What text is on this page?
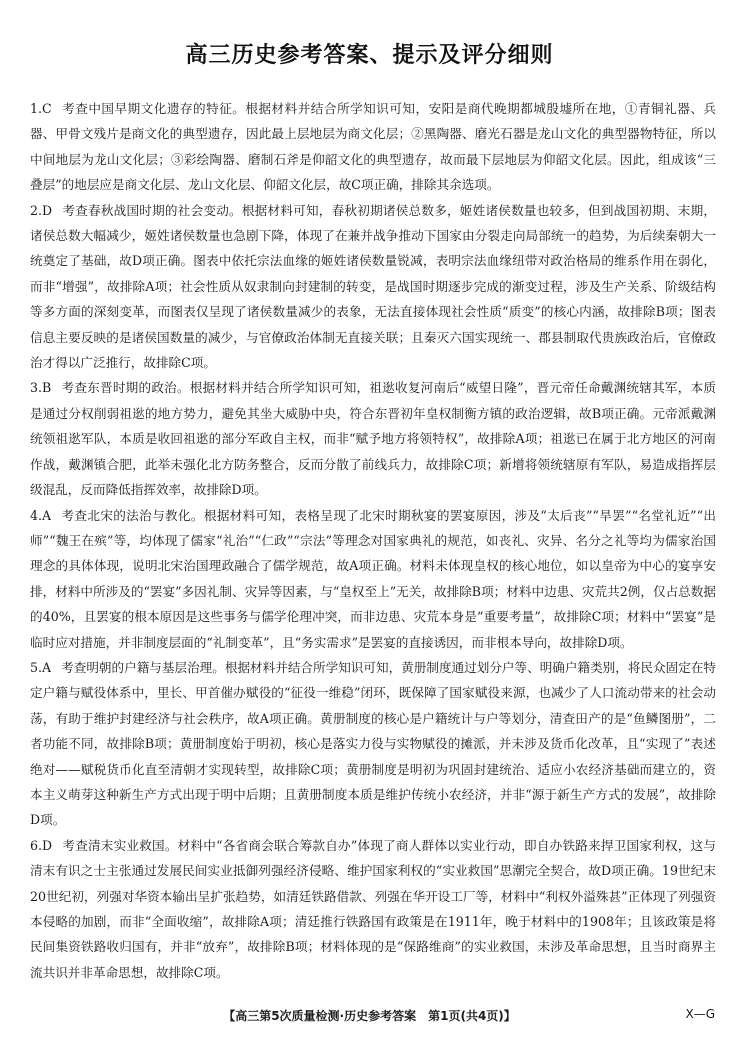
高三历史参考答案、提示及评分细则

1.C 考查中国早期文化遗存的特征。根据材料并结合所学知识可知，安阳是商代晚期都城殷墟所在地，①青铜礼器、兵器、甲骨文残片是商文化的典型遗存，因此最上层地层为商文化层；②黑陶器、磨光石器是龙山文化的典型器物特征，所以中间地层为龙山文化层；③彩绘陶器、磨制石斧是仰韶文化的典型遗存，故而最下层地层为仰韶文化层。因此，组成该“三叠层”的地层应是商文化层、龙山文化层、仰韶文化层，故C项正确，排除其余选项。

2.D 考查春秋战国时期的社会变动。根据材料可知，春秋初期诸侯总数多，姬姓诸侯数量也较多，但到战国初期、末期，诸侯总数大幅减少，姬姓诸侯数量也急剧下降，体现了在兼并战争推动下国家由分裂走向局部统一的趋势，为后续秦朝大一统奠定了基础，故D项正确。图表中依托宗法血缘的姬姓诸侯数量锐减，表明宗法血缘纽带对政治格局的维系作用在弱化，而非“增强”，故排除A项；社会性质从奴隶制向封建制的转变，是战国时期逐步完成的渐变过程，涉及生产关系、阶级结构等多方面的深刻变革，而图表仅呈现了诸侯数量减少的表象，无法直接体现社会性质“质变”的核心内涵，故排除B项；图表信息主要反映的是诸侯国数量的减少，与官僚政治体制无直接关联；且秦灭六国实现统一、郡县制取代贵族政治后，官僚政治才得以广泛推行，故排除C项。

3.B 考查东晋时期的政治。根据材料并结合所学知识可知，祖逖收复河南后“威望日隆”，晋元帝任命戴渊统辖其军，本质是通过分权削弱祖逖的地方势力，避免其坐大威胁中央，符合东晋初年皇权制衡方镇的政治逻辑，故B项正确。元帝派戴渊统领祖逖军队，本质是收回祖逖的部分军政自主权，而非“赋予地方将领特权”，故排除A项；祖逖已在属于北方地区的河南作战，戴渊镇合肥，此举未强化北方防务整合，反而分散了前线兵力，故排除C项；新增将领统辖原有军队，易造成指挥层级混乱，反而降低指挥效率，故排除D项。

4.A 考查北宋的法治与教化。根据材料可知，表格呈现了北宋时期秋宴的罢宴原因，涉及“太后丧”“旱罢”“名堂礼近”“出师”“魏王在殡”等，均体现了儒家“礼治”“仁政”“宗法”等理念对国家典礼的规范，如丧礼、灾异、名分之礼等均为儒家治国理念的具体体现，说明北宋治国理政融合了儒学规范，故A项正确。材料未体现皇权的核心地位，如以皇帝为中心的宴享安排，材料中所涉及的“罢宴”多因礼制、灾异等因素，与“皇权至上”无关，故排除B项；材料中边患、灾荒共2例，仅占总数据的40%，且罢宴的根本原因是这些事务与儒学伦理冲突，而非边患、灾荒本身是“重要考量”，故排除C项；材料中“罢宴”是临时应对措施，并非制度层面的“礼制变革”，且“务实需求”是罢宴的直接诱因，而非根本导向，故排除D项。

5.A 考查明朝的户籍与基层治理。根据材料并结合所学知识可知，黄册制度通过划分户等、明确户籍类别，将民众固定在特定户籍与赋役体系中，里长、甲首催办赋役的“征役一维稳”闭环，既保障了国家赋役来源，也减少了人口流动带来的社会动荡，有助于维护封建经济与社会秩序，故A项正确。黄册制度的核心是户籍统计与户等划分，清查田产的是“鱼鳞图册”，二者功能不同，故排除B项；黄册制度始于明初，核心是落实力役与实物赋役的摊派，并未涉及货币化改革，且“实现了”表述绝对——赋税货币化直至清朝才实现转型，故排除C项；黄册制度是明初为巩固封建统治、适应小农经济基础而建立的，资本主义萌芽这种新生产方式出现于明中后期；且黄册制度本质是维护传统小农经济，并非“源于新生产方式的发展”，故排除D项。

6.D 考查清末实业救国。材料中“各省商会联合筹款自办”体现了商人群体以实业行动，即自办铁路来捍卫国家利权，这与清末有识之士主张通过发展民间实业抵御列强经济侵略、维护国家利权的“实业救国”思潮完全契合，故D项正确。19世纪末20世纪初，列强对华资本输出呈扩张趋势，如清廷铁路借款、列强在华开设工厂等，材料中“利权外溢殊甚”正体现了列强资本侵略的加剧，而非“全面收缩”，故排除A项；清廷推行铁路国有政策是在1911年，晚于材料中的1908年；且该政策是将民间集资铁路收归国有，并非“放弃”，故排除B项；材料体现的是“保路维商”的实业救国，未涉及革命思想，且当时商界主流共识并非革命思想，故排除C项。

【高三第5次质量检测·历史参考答案　第1页(共4页)】	X—G
